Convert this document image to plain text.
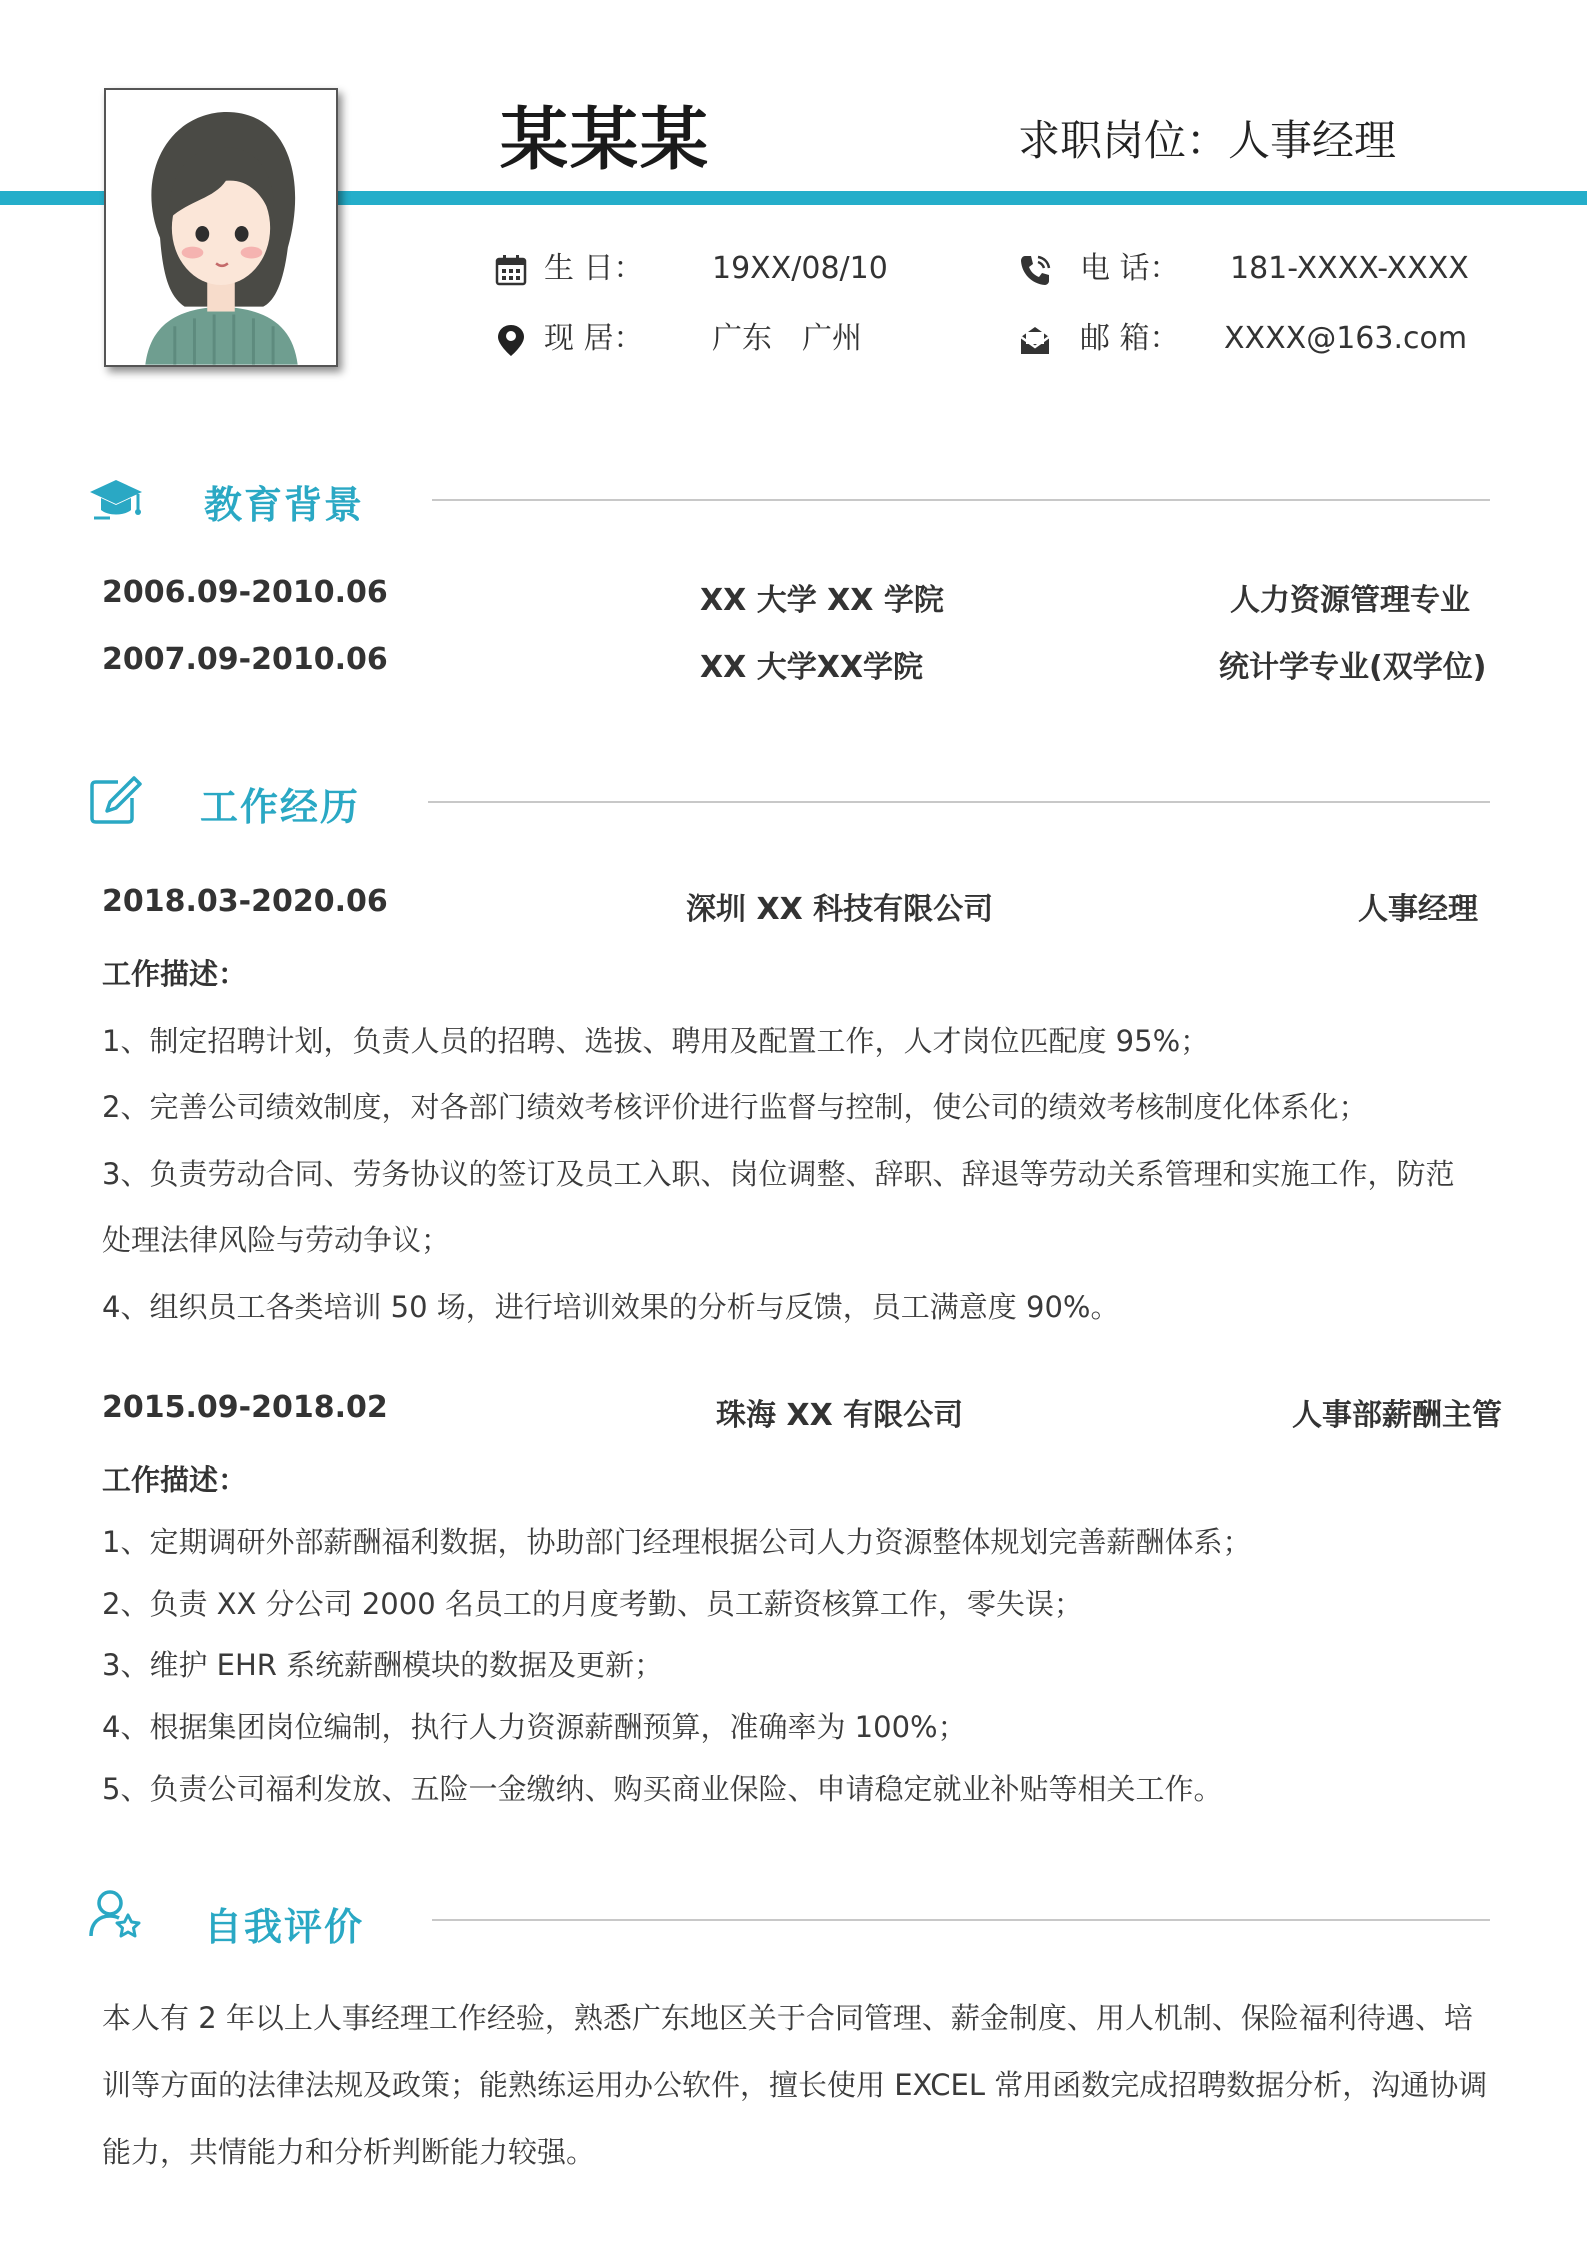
某某某	求职岗位：人事经理
生 日： 19XX/08/10
现 居： 广东　广州
电 话： 181-XXXX-XXXX
邮 箱： XXXX@163.com
教育背景
2006.09-2010.06	XX 大学 XX 学院	人力资源管理专业
2007.09-2010.06	XX 大学XX学院	统计学专业(双学位)
工作经历
2018.03-2020.06	深圳 XX 科技有限公司	人事经理
工作描述：
1、制定招聘计划，负责人员的招聘、选拔、聘用及配置工作，人才岗位匹配度 95%；
2、完善公司绩效制度，对各部门绩效考核评价进行监督与控制，使公司的绩效考核制度化体系化；
3、负责劳动合同、劳务协议的签订及员工入职、岗位调整、辞职、辞退等劳动关系管理和实施工作，防范
处理法律风险与劳动争议；
4、组织员工各类培训 50 场，进行培训效果的分析与反馈，员工满意度 90%。
2015.09-2018.02	珠海 XX 有限公司	人事部薪酬主管
工作描述：
1、定期调研外部薪酬福利数据，协助部门经理根据公司人力资源整体规划完善薪酬体系；
2、负责 XX 分公司 2000 名员工的月度考勤、员工薪资核算工作，零失误；
3、维护 EHR 系统薪酬模块的数据及更新；
4、根据集团岗位编制，执行人力资源薪酬预算，准确率为 100%；
5、负责公司福利发放、五险一金缴纳、购买商业保险、申请稳定就业补贴等相关工作。
自我评价
本人有 2 年以上人事经理工作经验，熟悉广东地区关于合同管理、薪金制度、用人机制、保险福利待遇、培训等方面的法律法规及政策；能熟练运用办公软件，擅长使用 EXCEL 常用函数完成招聘数据分析，沟通协调能力，共情能力和分析判断能力较强。
